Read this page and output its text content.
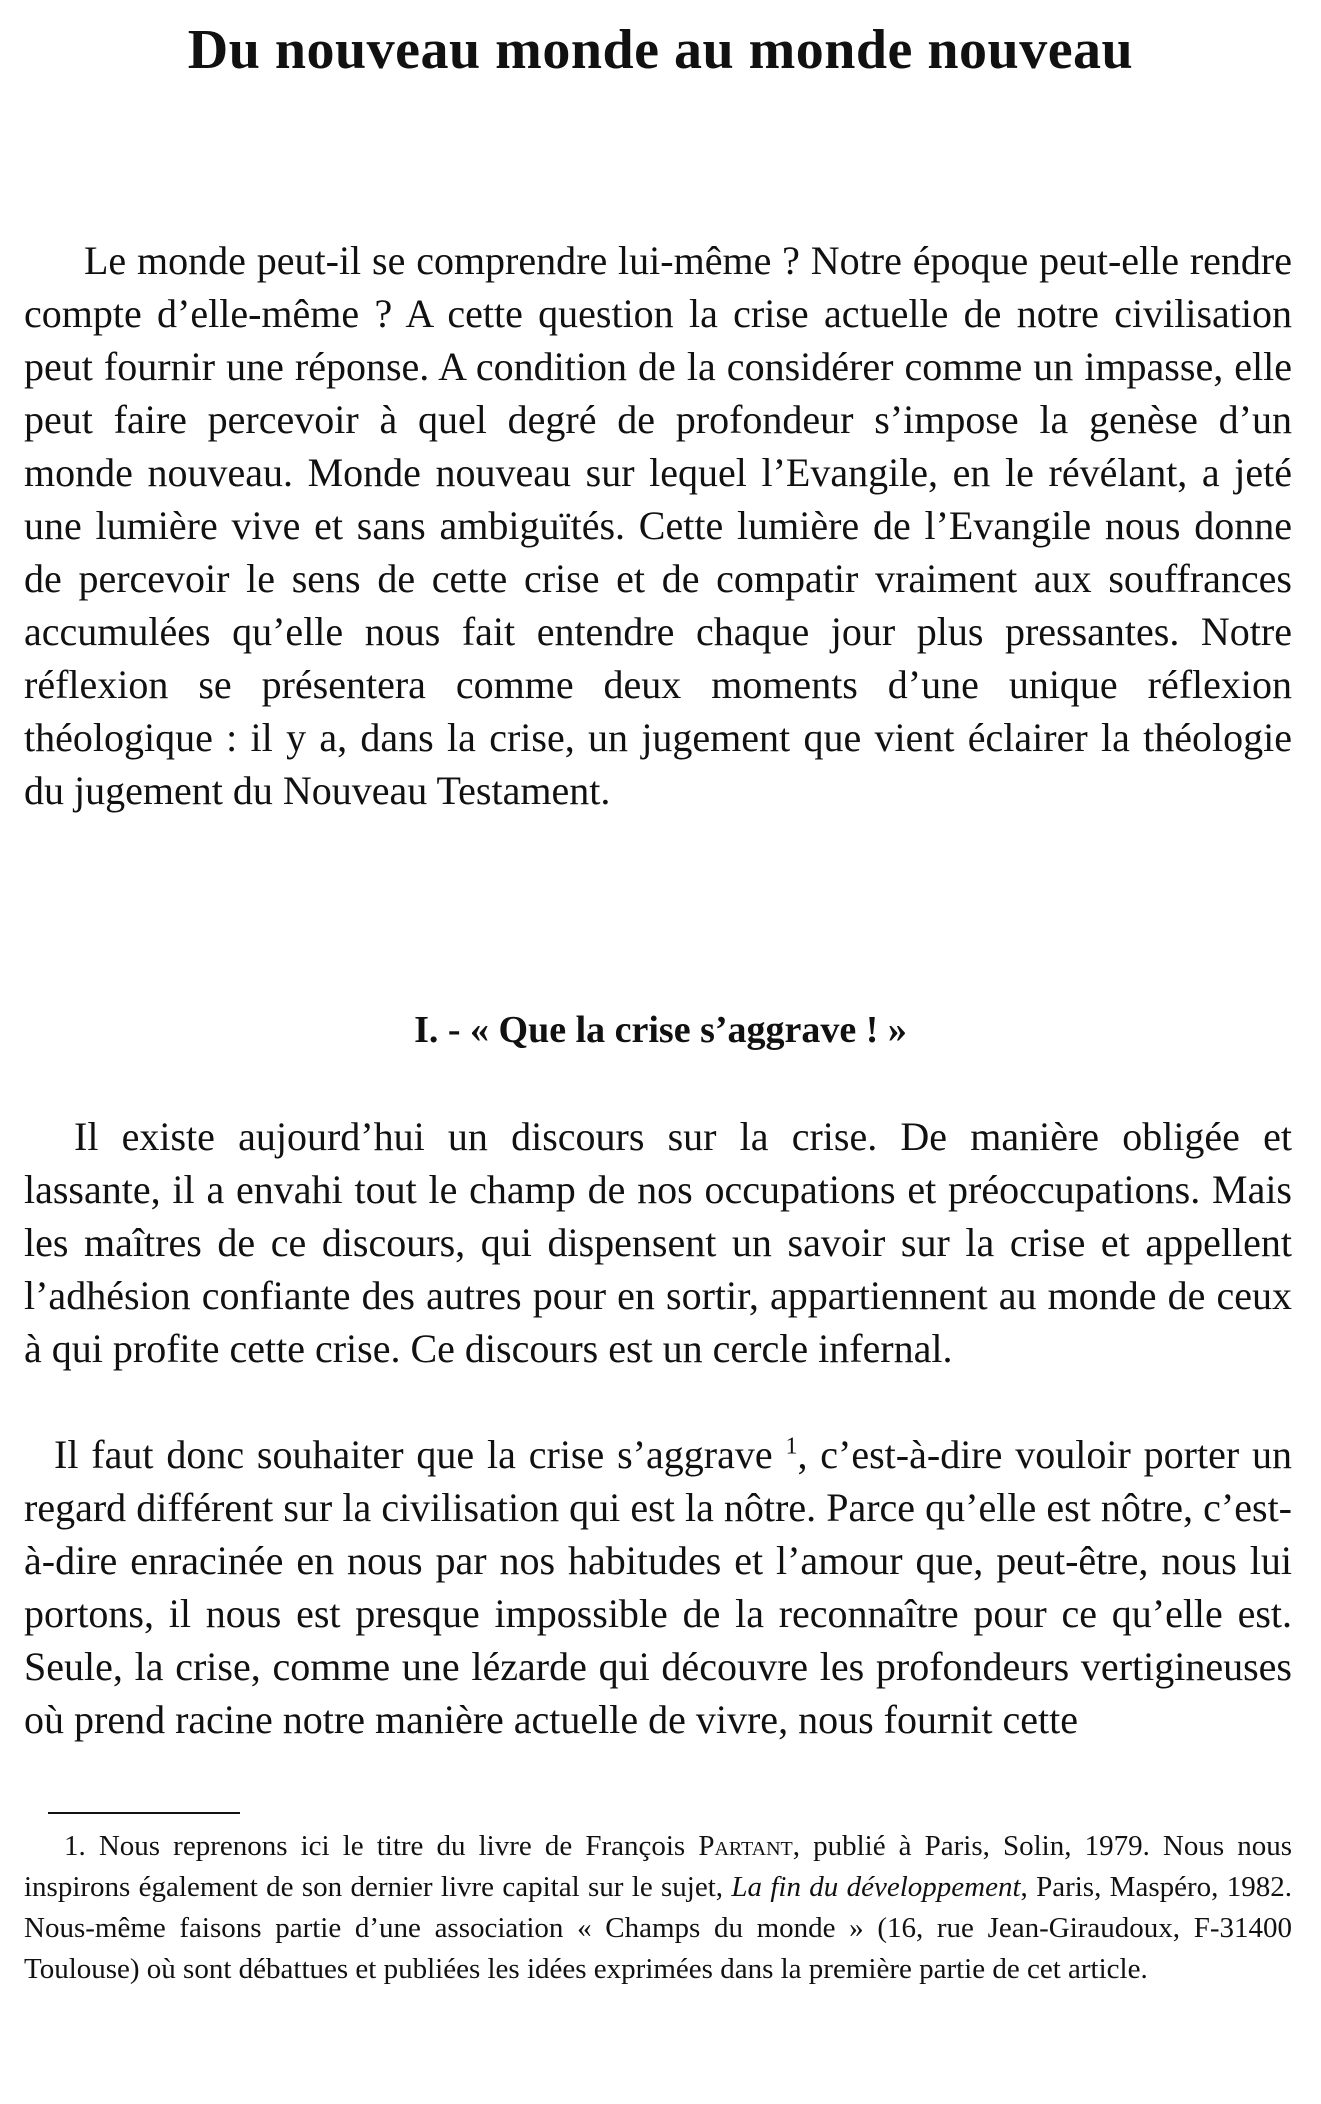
Du nouveau monde au monde nouveau

Le monde peut-il se comprendre lui-même ? Notre époque peut-elle rendre compte d’elle-même ? A cette question la crise actuelle de notre civilisation peut fournir une réponse. A condition de la considérer comme un impasse, elle peut faire percevoir à quel degré de profondeur s’impose la genèse d’un monde nouveau. Monde nouveau sur lequel l’Evangile, en le révélant, a jeté une lumière vive et sans ambiguïtés. Cette lumière de l’Evangile nous donne de percevoir le sens de cette crise et de compatir vraiment aux souffrances accumulées qu’elle nous fait entendre chaque jour plus pressantes. Notre réflexion se présentera comme deux moments d’une unique réflexion théologique : il y a, dans la crise, un jugement que vient éclairer la théologie du jugement du Nouveau Testament.

I. - « Que la crise s’aggrave ! »

Il existe aujourd’hui un discours sur la crise. De manière obligée et lassante, il a envahi tout le champ de nos occupations et préoccupations. Mais les maîtres de ce discours, qui dispensent un savoir sur la crise et appellent l’adhésion confiante des autres pour en sortir, appartiennent au monde de ceux à qui profite cette crise. Ce discours est un cercle infernal.

Il faut donc souhaiter que la crise s’aggrave $^1$, c’est-à-dire vouloir porter un regard différent sur la civilisation qui est la nôtre. Parce qu’elle est nôtre, c’est-à-dire enracinée en nous par nos habitudes et l’amour que, peut-être, nous lui portons, il nous est presque impossible de la reconnaître pour ce qu’elle est. Seule, la crise, comme une lézarde qui découvre les profondeurs vertigineuses où prend racine notre manière actuelle de vivre, nous fournit cette

1. Nous reprenons ici le titre du livre de François Partant, publié à Paris, Solin, 1979. Nous nous inspirons également de son dernier livre capital sur le sujet, La fin du développement, Paris, Maspéro, 1982. Nous-même faisons partie d’une association « Champs du monde » (16, rue Jean-Giraudoux, F-31400 Toulouse) où sont débattues et publiées les idées exprimées dans la première partie de cet article.
